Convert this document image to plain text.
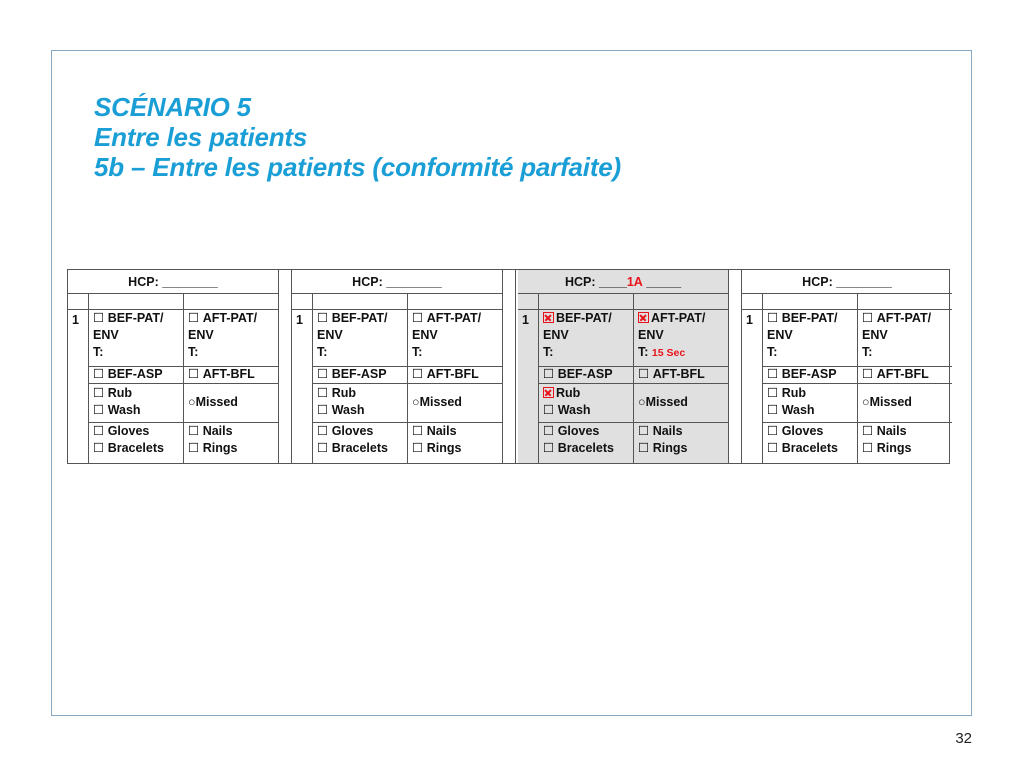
SCÉNARIO 5
Entre les patients
5b – Entre les patients (conformité parfaite)
HCP: ________
1 ☐ BEF-PAT/
ENV
T:
☐ AFT-PAT/
ENV
T:
☐ BEF-ASP ☐ AFT-BFL
☐ Rub
☐ Wash
○Missed
☐ Gloves
☐ Bracelets
☐ Nails
☐ Rings
HCP: ________
1 ☐ BEF-PAT/
ENV
T:
☐ AFT-PAT/
ENV
T:
☐ BEF-ASP ☐ AFT-BFL
☐ Rub
☐ Wash
○Missed
☐ Gloves
☐ Bracelets
☐ Nails
☐ Rings
HCP: ____ 1A _____
1	BEF-PAT/
ENV
T:
AFT-PAT/
ENV
T: 15 Sec
☐ BEF-ASP ☐ AFT-BFL
Rub
☐ Wash
○Missed
☐ Gloves
☐ Bracelets
☐ Nails
☐ Rings
HCP: ________
1 ☐ BEF-PAT/
ENV
T:
☐ AFT-PAT/
ENV
T:
☐ BEF-ASP ☐ AFT-BFL
☐ Rub
☐ Wash
○Missed
☐ Gloves
☐ Bracelets
☐ Nails
☐ Rings
32
